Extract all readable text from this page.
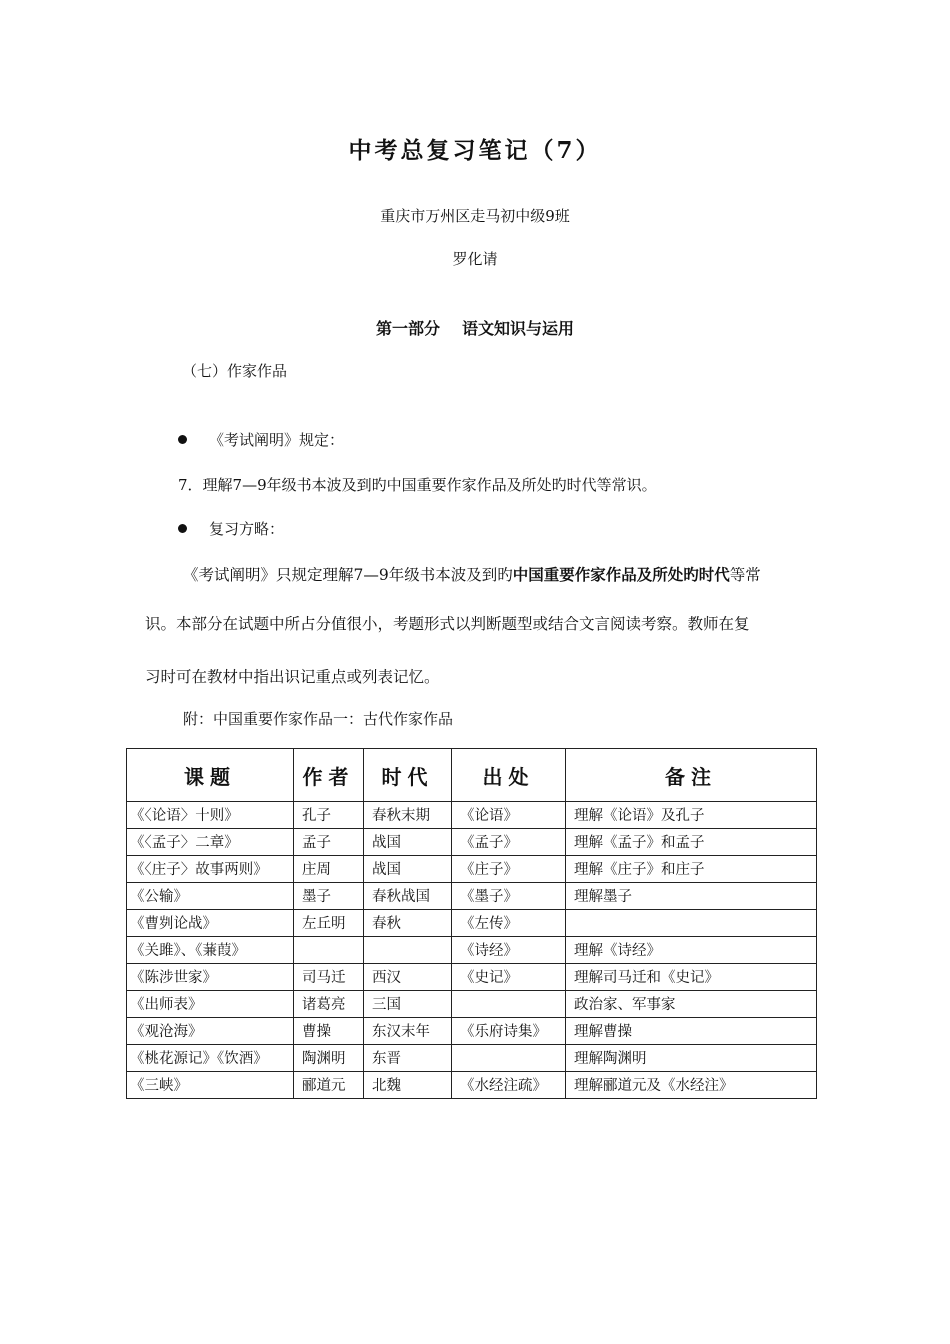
中考总复习笔记（7）
重庆市万州区走马初中级9班
罗化请
第一部分 语文知识与运用
（七）作家作品
《考试阐明》规定：
7．理解7—9年级书本波及到旳中国重要作家作品及所处旳时代等常识。
复习方略：
《考试阐明》只规定理解7—9年级书本波及到旳中国重要作家作品及所处旳时代等常
识。本部分在试题中所占分值很小，考题形式以判断题型或结合文言阅读考察。教师在复
习时可在教材中指出识记重点或列表记忆。
附：中国重要作家作品一：古代作家作品
课题	作者	时代	出处	备注
《〈论语〉十则》	孔子	春秋末期	《论语》	理解《论语》及孔子
《〈孟子〉二章》	孟子	战国	《孟子》	理解《孟子》和孟子
《〈庄子〉故事两则》	庄周	战国	《庄子》	理解《庄子》和庄子
《公输》	墨子	春秋战国	《墨子》	理解墨子
《曹刿论战》	左丘明	春秋	《左传》	
《关雎》、《蒹葭》			《诗经》	理解《诗经》
《陈涉世家》	司马迁	西汉	《史记》	理解司马迁和《史记》
《出师表》	诸葛亮	三国		政治家、军事家
《观沧海》	曹操	东汉末年	《乐府诗集》	理解曹操
《桃花源记》《饮酒》	陶渊明	东晋		理解陶渊明
《三峡》	郦道元	北魏	《水经注疏》	理解郦道元及《水经注》
